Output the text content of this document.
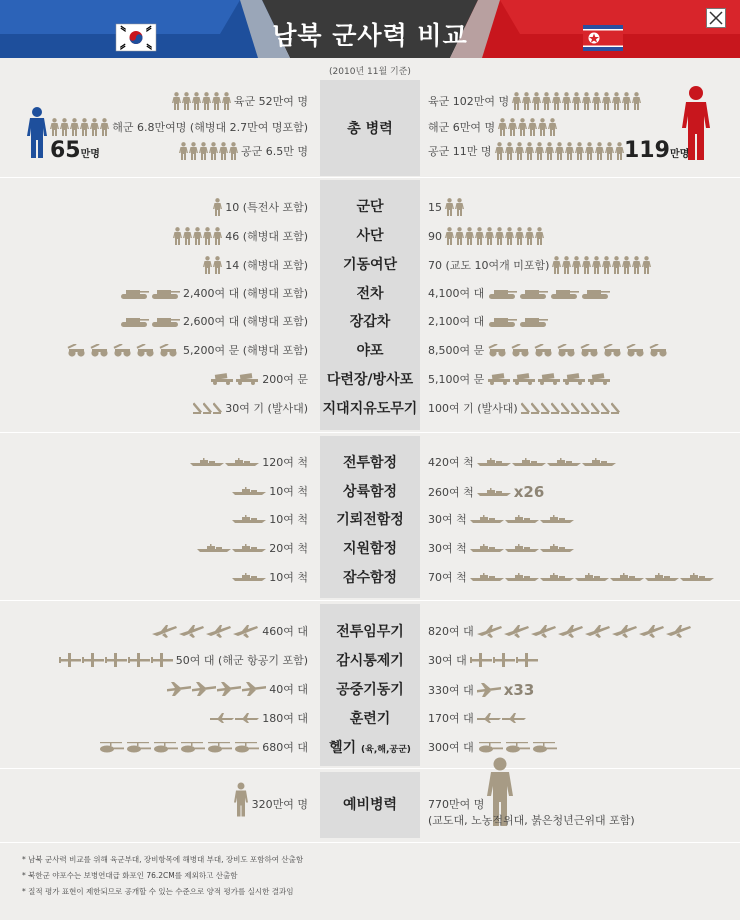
남북 군사력 비교
(2010년 11월 기준)
총 병력
65만명	119만명
육군 52만여 명	육군 102만여 명
해군 6.8만여명 (해병대 2.7만여 명포함)	해군 6만여 명
공군 6.5만 명	공군 11만 명
군단
10 (특전사 포함)	15
사단
46 (해병대 포함)	90
기동여단
14 (해병대 포함)	70 (교도 10여개 미포함)
전차
2,400여 대 (해병대 포함)	4,100여 대
장갑차
2,600여 대 (해병대 포함)	2,100여 대
야포
5,200여 문 (해병대 포함)	8,500여 문
다련장/방사포
200여 문	5,100여 문
지대지유도무기
30여 기 (발사대)	100여 기 (발사대)
전투함정
120여 척	420여 척
상륙함정
10여 척	260여 척	x26
기뢰전함정
10여 척	30여 척
지원함정
20여 척	30여 척
잠수함정
10여 척	70여 척
전투임무기
460여 대	820여 대
감시통제기
50여 대 (해군 항공기 포함)	30여 대
공중기동기
40여 대	330여 대 x33
훈련기
180여 대	170여 대
헬기 (육,해,공군)
680여 대	300여 대
예비병력
320만여 명	770만여 명
(교도대, 노농적위대, 붉은청년근위대 포함)
* 남북 군사력 비교를 위해 육군부대, 장비항목에 해병대 부대, 장비도 포함하여 산출함
* 북한군 야포수는 보병연대급 화포인 76.2CM를 제외하고 산출함
* 질적 평가 표현이 제한되므로 공개할 수 있는 수준으로 양적 평가를 실시한 결과임
